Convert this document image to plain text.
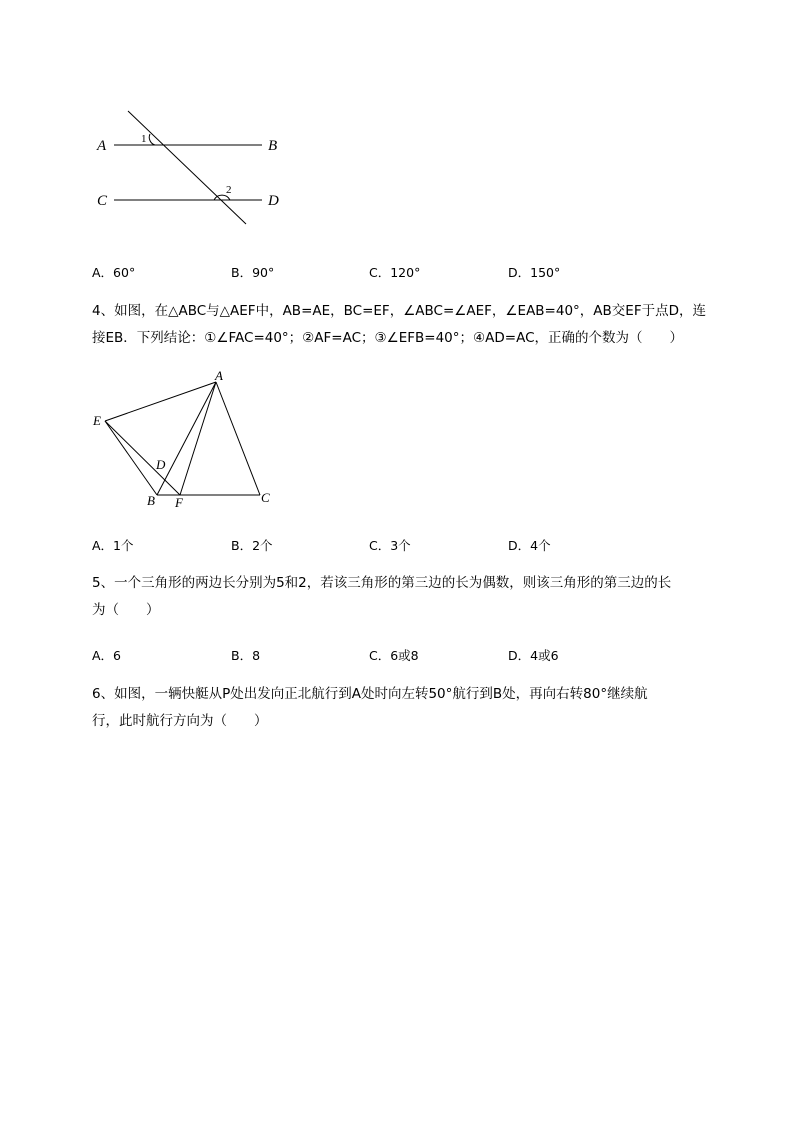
A	B
C	D
1
2
A．60°	B．90°	C．120°	D．150°

4、如图，在△ABC与△AEF中，AB=AE，BC=EF，∠ABC=∠AEF，∠EAB=40°，AB交EF于点D，连

接EB．下列结论：①∠FAC=40°；②AF=AC；③∠EFB=40°；④AD=AC，正确的个数为（　　）

A
E
D
B F	C
A．1个	B．2个	C．3个	D．4个

5、一个三角形的两边长分别为5和2，若该三角形的第三边的长为偶数，则该三角形的第三边的长

为（　　）

A．6	B．8	C．6或8	D．4或6

6、如图，一辆快艇从P处出发向正北航行到A处时向左转50°航行到B处，再向右转80°继续航

行，此时航行方向为（　　）
